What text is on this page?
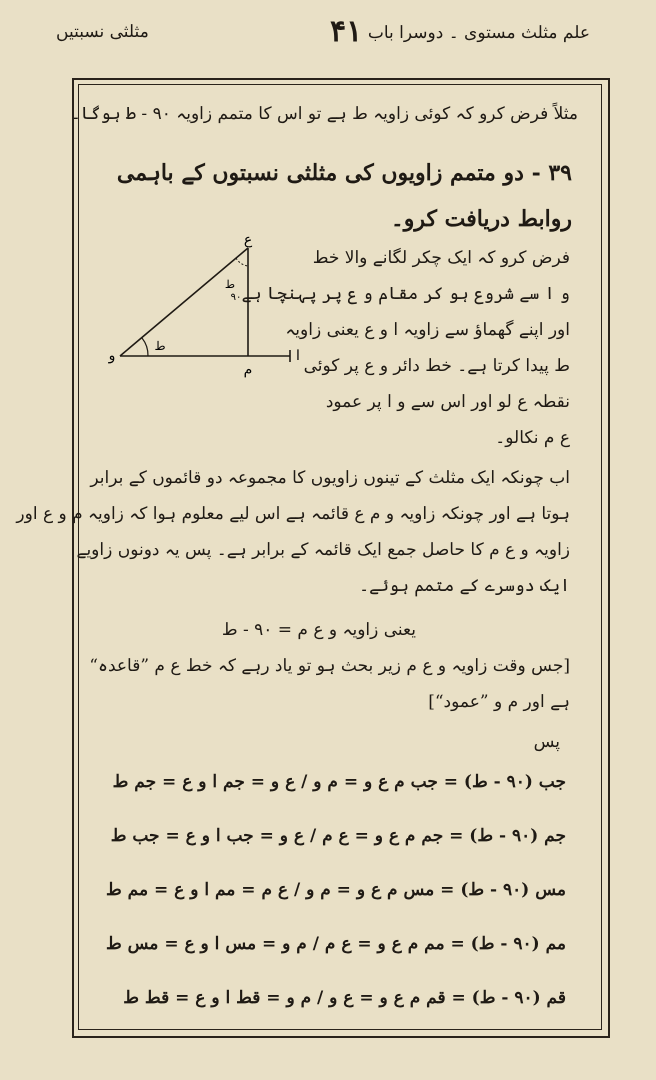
علم مثلث مستوی ۔ دوسرا باب
۴۱
مثلثی نسبتیں
مثلاً فرض کرو کہ کوئی زاویہ ط ہے تو اس کا متمم زاویہ ۹۰ - ط ہوگا۔
۳۹ - دو متمم زاویوں کی مثلثی نسبتوں کے باہمی
روابط دریافت کرو۔
ع
م
و	ا
ط
ط
۹۰
فرض کرو کہ ایک چکر لگانے والا خط
و ا سے شروع ہو کر مقام و ع پر پہنچا ہے
اور اپنے گھماؤ سے زاویہ ا و ع یعنی زاویہ
ط پیدا کرتا ہے۔ خط دائر و ع پر کوئی
نقطہ ع لو اور اس سے و ا پر عمود
ع م نکالو۔
اب چونکہ ایک مثلث کے تینوں زاویوں کا مجموعہ دو قائموں کے برابر
ہوتا ہے اور چونکہ زاویہ و م ع قائمہ ہے اس لیے معلوم ہوا کہ زاویہ م و ع اور
زاویہ و ع م کا حاصل جمع ایک قائمہ کے برابر ہے۔ پس یہ دونوں زاویے
ایک دوسرے کے متمم ہوئے۔
یعنی زاویہ و ع م = ۹۰ - ط
[جس وقت زاویہ و ع م زیر بحث ہو تو یاد رہے کہ خط ع م ”قاعدہ“
ہے اور م و ”عمود“]
پس
جب (۹۰ - ط) = جب م ع و = م و / ع و = جم ا و ع = جم ط
جم (۹۰ - ط) = جم م ع و = ع م / ع و = جب ا و ع = جب ط
مس (۹۰ - ط) = مس م ع و = م و / ع م = مم ا و ع = مم ط
مم (۹۰ - ط) = مم م ع و = ع م / م و = مس ا و ع = مس ط
قم (۹۰ - ط) = قم م ع و = ع و / م و = قط ا و ع = قط ط
